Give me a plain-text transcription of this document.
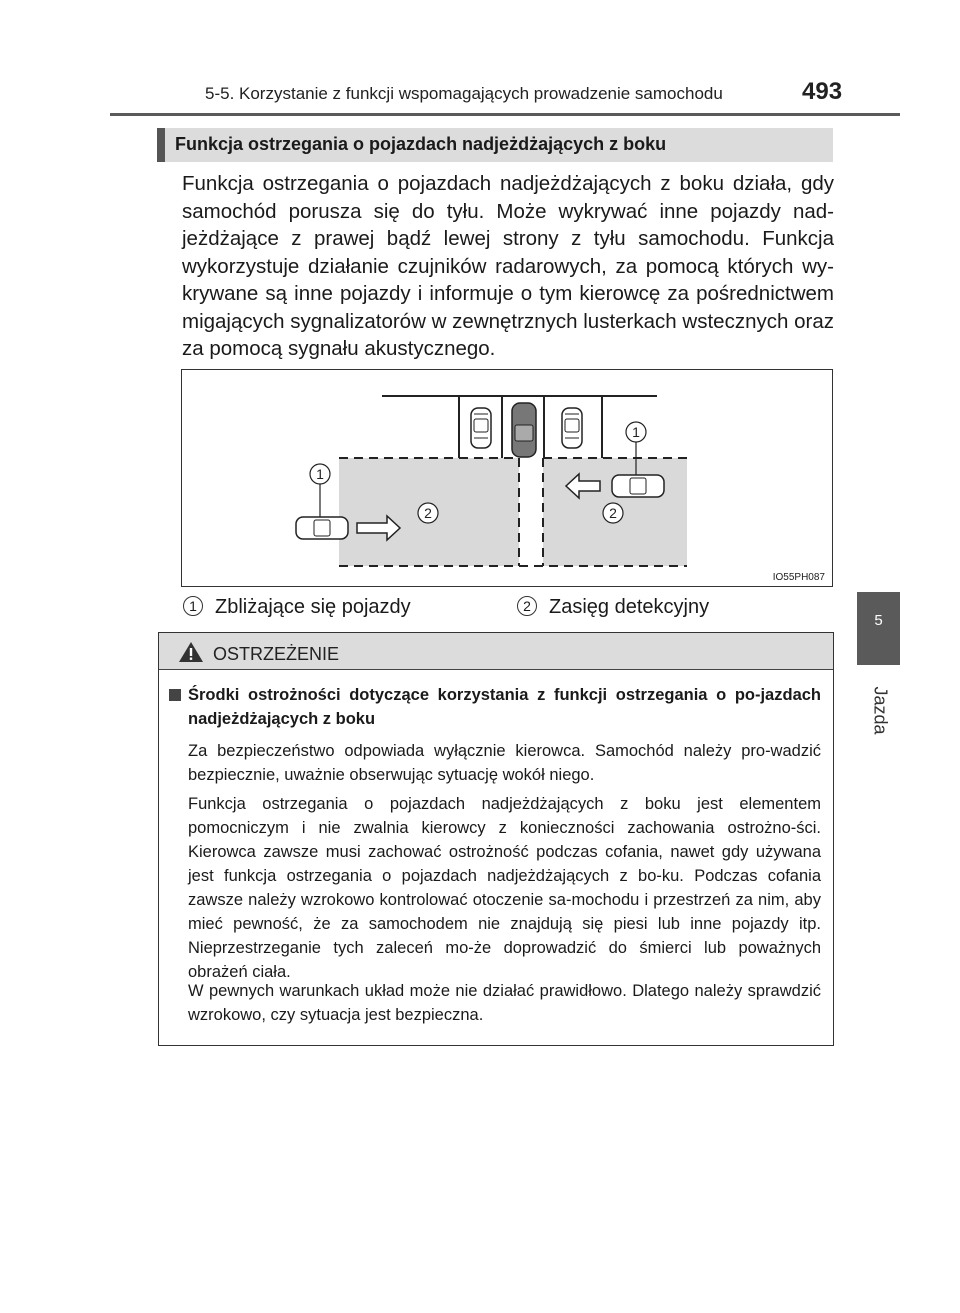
5-5. Korzystanie z funkcji wspomagających prowadzenie samochodu	493
5
Jazda
Funkcja ostrzegania o pojazdach nadjeżdżających z boku
Funkcja ostrzegania o pojazdach nadjeżdżających z boku działa, gdy samochód porusza się do tyłu. Może wykrywać inne pojazdy nad-jeżdżające z prawej bądź lewej strony z tyłu samochodu. Funkcja wykorzystuje działanie czujników radarowych, za pomocą których wy-krywane są inne pojazdy i informuje o tym kierowcę za pośrednictwem migających sygnalizatorów w zewnętrznych lusterkach wstecznych oraz za pomocą sygnału akustycznego.
1
1
2	2
IO55PH087
1 Zbliżające się pojazdy	2 Zasięg detekcyjny
OSTRZEŻENIE
Środki ostrożności dotyczące korzystania z funkcji ostrzegania o po-jazdach nadjeżdżających z boku
Za bezpieczeństwo odpowiada wyłącznie kierowca. Samochód należy pro-wadzić bezpiecznie, uważnie obserwując sytuację wokół niego.
Funkcja ostrzegania o pojazdach nadjeżdżających z boku jest elementem pomocniczym i nie zwalnia kierowcy z konieczności zachowania ostrożno-ści. Kierowca zawsze musi zachować ostrożność podczas cofania, nawet gdy używana jest funkcja ostrzegania o pojazdach nadjeżdżających z bo-ku. Podczas cofania zawsze należy wzrokowo kontrolować otoczenie sa-mochodu i przestrzeń za nim, aby mieć pewność, że za samochodem nie znajdują się piesi lub inne pojazdy itp. Nieprzestrzeganie tych zaleceń mo-że doprowadzić do śmierci lub poważnych obrażeń ciała.
W pewnych warunkach układ może nie działać prawidłowo. Dlatego należy sprawdzić wzrokowo, czy sytuacja jest bezpieczna.
